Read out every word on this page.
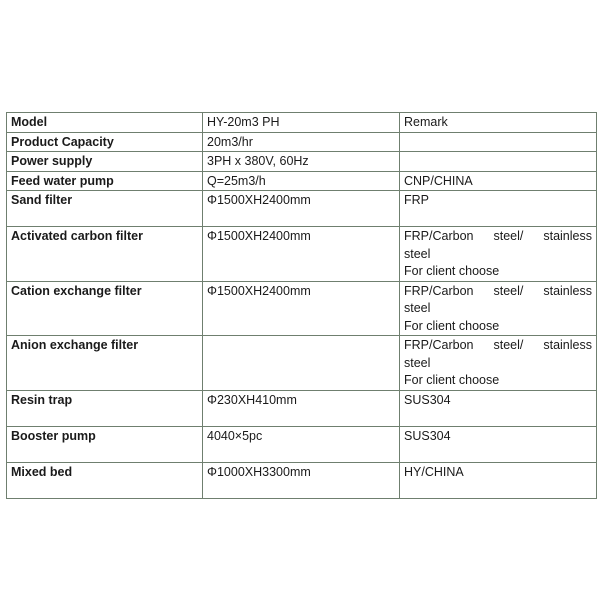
Model	HY-20m3 PH	Remark

Product Capacity	20m3/hr	
Power supply	3PH x 380V, 60Hz	
Feed water pump	Q=25m3/h	CNP/CHINA

Sand filter	Φ1500XH2400mm	FRP

Activated carbon filter	Φ1500XH2400mm	FRP/Carbon steel/ stainless
steel
For client choose

Cation exchange filter	Φ1500XH2400mm	FRP/Carbon steel/ stainless
steel
For client choose

Anion exchange filter		FRP/Carbon steel/ stainless
steel
For client choose

Resin trap	Φ230XH410mm	SUS304

Booster pump	4040×5pc	SUS304

Mixed bed	Φ1000XH3300mm	HY/CHINA
